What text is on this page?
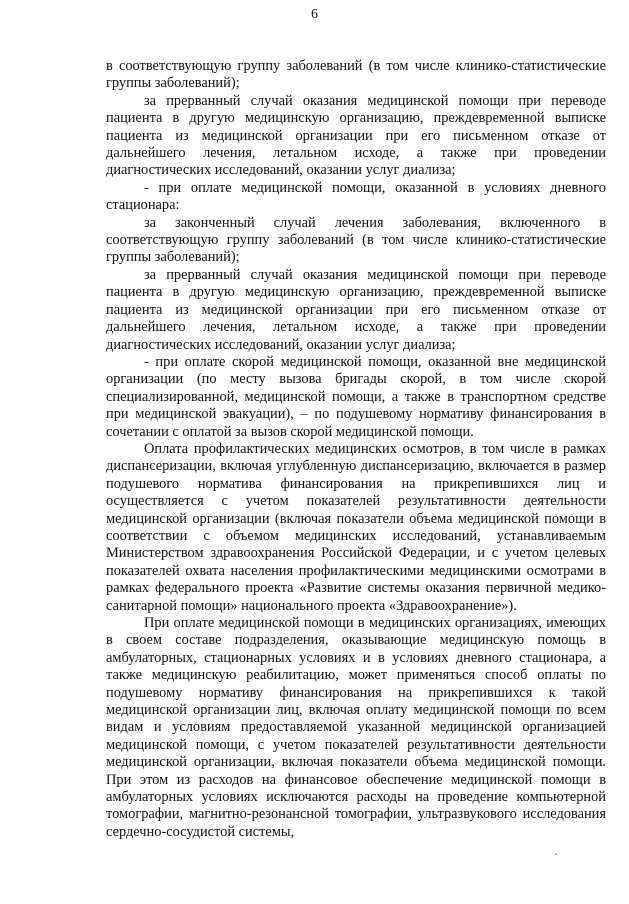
6

в соответствующую группу заболеваний (в том числе клинико-статистические группы заболеваний);

за прерванный случай оказания медицинской помощи при переводе пациента в другую медицинскую организацию, преждевременной выписке пациента из медицинской организации при его письменном отказе от дальнейшего лечения, летальном исходе, а также при проведении диагностических исследований, оказании услуг диализа;

- при оплате медицинской помощи, оказанной в условиях дневного стационара:

за законченный случай лечения заболевания, включенного в соответствующую группу заболеваний (в том числе клинико-статистические группы заболеваний);

за прерванный случай оказания медицинской помощи при переводе пациента в другую медицинскую организацию, преждевременной выписке пациента из медицинской организации при его письменном отказе от дальнейшего лечения, летальном исходе, а также при проведении диагностических исследований, оказании услуг диализа;

- при оплате скорой медицинской помощи, оказанной вне медицинской организации (по месту вызова бригады скорой, в том числе скорой специализированной, медицинской помощи, а также в транспортном средстве при медицинской эвакуации), – по подушевому нормативу финансирования в сочетании с оплатой за вызов скорой медицинской помощи.

Оплата профилактических медицинских осмотров, в том числе в рамках диспансеризации, включая углубленную диспансеризацию, включается в размер подушевого норматива финансирования на прикрепившихся лиц и осуществляется с учетом показателей результативности деятельности медицинской организации (включая показатели объема медицинской помощи в соответствии с объемом медицинских исследований, устанавливаемым Министерством здравоохранения Российской Федерации, и с учетом целевых показателей охвата населения профилактическими медицинскими осмотрами в рамках федерального проекта «Развитие системы оказания первичной медико-санитарной помощи» национального проекта «Здравоохранение»).

При оплате медицинской помощи в медицинских организациях, имеющих в своем составе подразделения, оказывающие медицинскую помощь в амбулаторных, стационарных условиях и в условиях дневного стационара, а также медицинскую реабилитацию, может применяться способ оплаты по подушевому нормативу финансирования на прикрепившихся к такой медицинской организации лиц, включая оплату медицинской помощи по всем видам и условиям предоставляемой указанной медицинской организацией медицинской помощи, с учетом показателей результативности деятельности медицинской организации, включая показатели объема медицинской помощи. При этом из расходов на финансовое обеспечение медицинской помощи в амбулаторных условиях исключаются расходы на проведение компьютерной томографии, магнитно-резонансной томографии, ультразвукового исследования сердечно-сосудистой системы,
